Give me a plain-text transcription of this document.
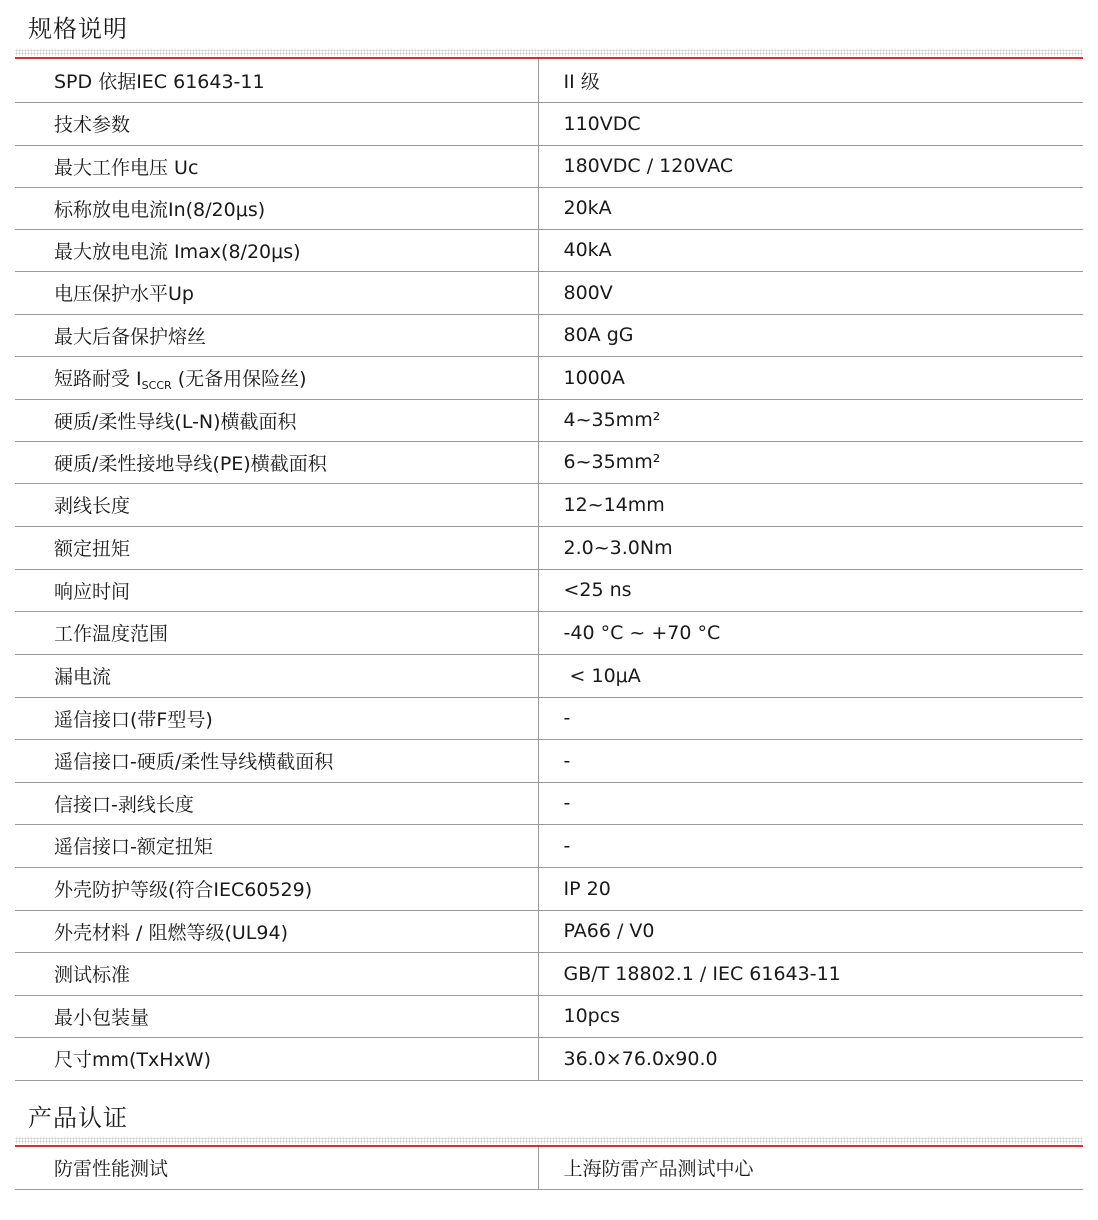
规格说明
SPD 依据IEC 61643-11	II 级
技术参数	110VDC
最大工作电压 Uc	180VDC / 120VAC
标称放电电流In(8/20μs)	20kA
最大放电电流 Imax(8/20μs)	40kA
电压保护水平Up	800V
最大后备保护熔丝	80A gG
短路耐受 $I_{SCCR}$ (无备用保险丝)	1000A
硬质/柔性导线(L-N)横截面积	4~35mm²
硬质/柔性接地导线(PE)横截面积	6~35mm²
剥线长度	12~14mm
额定扭矩	2.0~3.0Nm
响应时间	<25 ns
工作温度范围	-40 °C ~ +70 °C
漏电流	< 10μA
遥信接口(带F型号)	-
遥信接口-硬质/柔性导线横截面积	-
信接口-剥线长度	-
遥信接口-额定扭矩	-
外壳防护等级(符合IEC60529)	IP 20
外壳材料 / 阻燃等级(UL94)	PA66 / V0
测试标准	GB/T 18802.1 / IEC 61643-11
最小包装量	10pcs
尺寸mm(TxHxW)	36.0×76.0x90.0
产品认证
防雷性能测试	上海防雷产品测试中心
